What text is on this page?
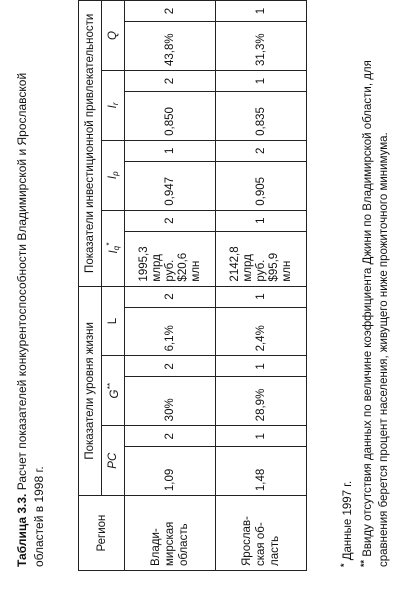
Таблица 3.3. Расчет показателей конкурентоспособности Владимирской и Ярославской областей в 1998 г.	Регион	Показатели уровня жизни						Показатели инвестиционной привлекательности							
	PC		G**		L		$I_q^*$		$I_p$		$I_r$		Q	
Влади- мирская область	1,09	2	30%	2	6,1%	2	1995,3
млрд
руб.
$20,6
млн	2	0,947	1	0,850	2	43,8%	2
Ярослав- ская об- ласть	1,48	1	28,9%	1	2,4%	1	2142,8
млрд
руб.
$95,9
млн	1	0,905	2	0,835	1	31,3%	1

* Данные 1997 г.

** Ввиду отсутствия данных по величине коэффициента Джини по Владимирской области, для сравнения берется процент населения, живущего ниже прожиточного минимума.
